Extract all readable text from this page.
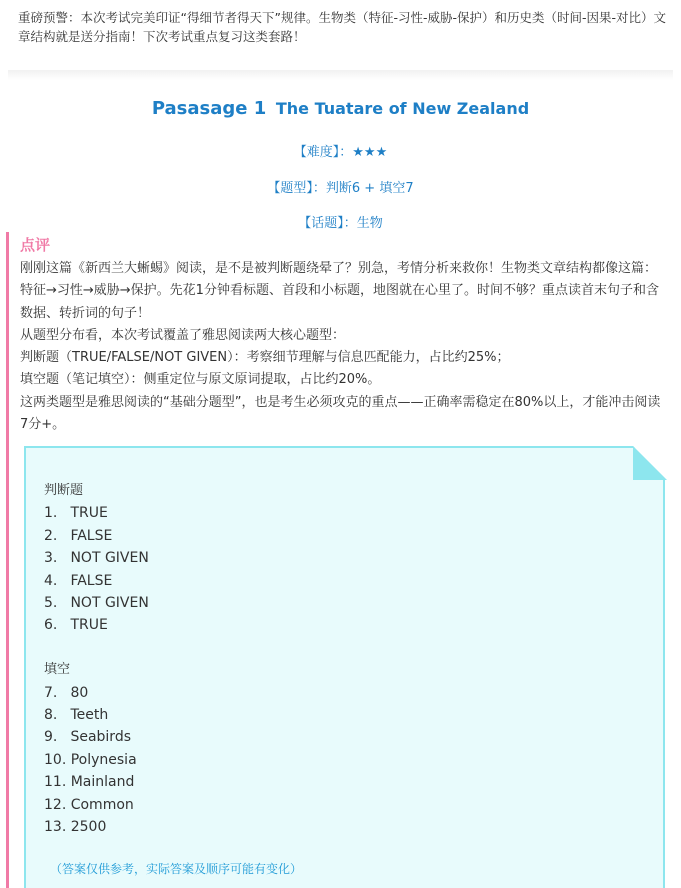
重磅预警：本次考试完美印证“得细节者得天下”规律。生物类（特征-习性-威胁-保护）和历史类（时间-因果-对比）文章结构就是送分指南！下次考试重点复习这类套路！
Pasasage 1 The Tuatare of New Zealand
【难度】：★★★
【题型】：判断6 + 填空7
【话题】：生物
点评

刚刚这篇《新西兰大蜥蜴》阅读，是不是被判断题绕晕了？别急，考情分析来救你！生物类文章结构都像这篇：特征→习性→威胁→保护。先花1分钟看标题、首段和小标题，地图就在心里了。时间不够？重点读首末句子和含数据、转折词的句子！

从题型分布看，本次考试覆盖了雅思阅读两大核心题型：

判断题（TRUE/FALSE/NOT GIVEN）：考察细节理解与信息匹配能力，占比约25%；

填空题（笔记填空）：侧重定位与原文原词提取，占比约20%。

这两类题型是雅思阅读的“基础分题型”，也是考生必须攻克的重点——正确率需稳定在80%以上，才能冲击阅读7分+。

判断题
1. TRUE
2. FALSE
3. NOT GIVEN
4. FALSE
5. NOT GIVEN
6. TRUE
填空
7. 80
8. Teeth
9. Seabirds
10. Polynesia
11. Mainland
12. Common
13. 2500
（答案仅供参考，实际答案及顺序可能有变化）
